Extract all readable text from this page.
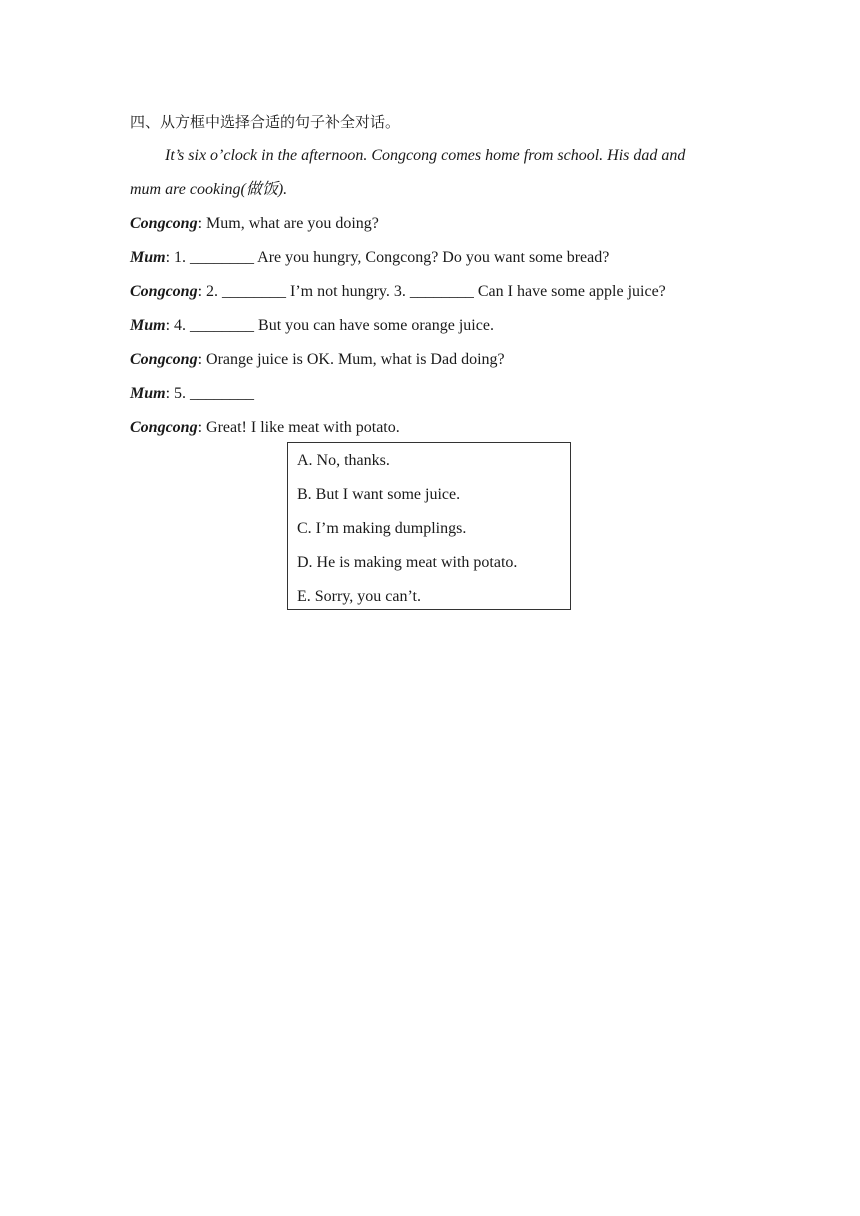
四、从方框中选择合适的句子补全对话。
It’s six o’clock in the afternoon. Congcong comes home from school. His dad and
mum are cooking(做饭).
Congcong: Mum, what are you doing?
Mum: 1. ________ Are you hungry, Congcong? Do you want some bread?
Congcong: 2. ________ I’m not hungry. 3. ________ Can I have some apple juice?
Mum: 4. ________ But you can have some orange juice.
Congcong: Orange juice is OK. Mum, what is Dad doing?
Mum: 5. ________
Congcong: Great! I like meat with potato.
A. No, thanks.
B. But I want some juice.
C. I’m making dumplings.
D. He is making meat with potato.
E. Sorry, you can’t.
